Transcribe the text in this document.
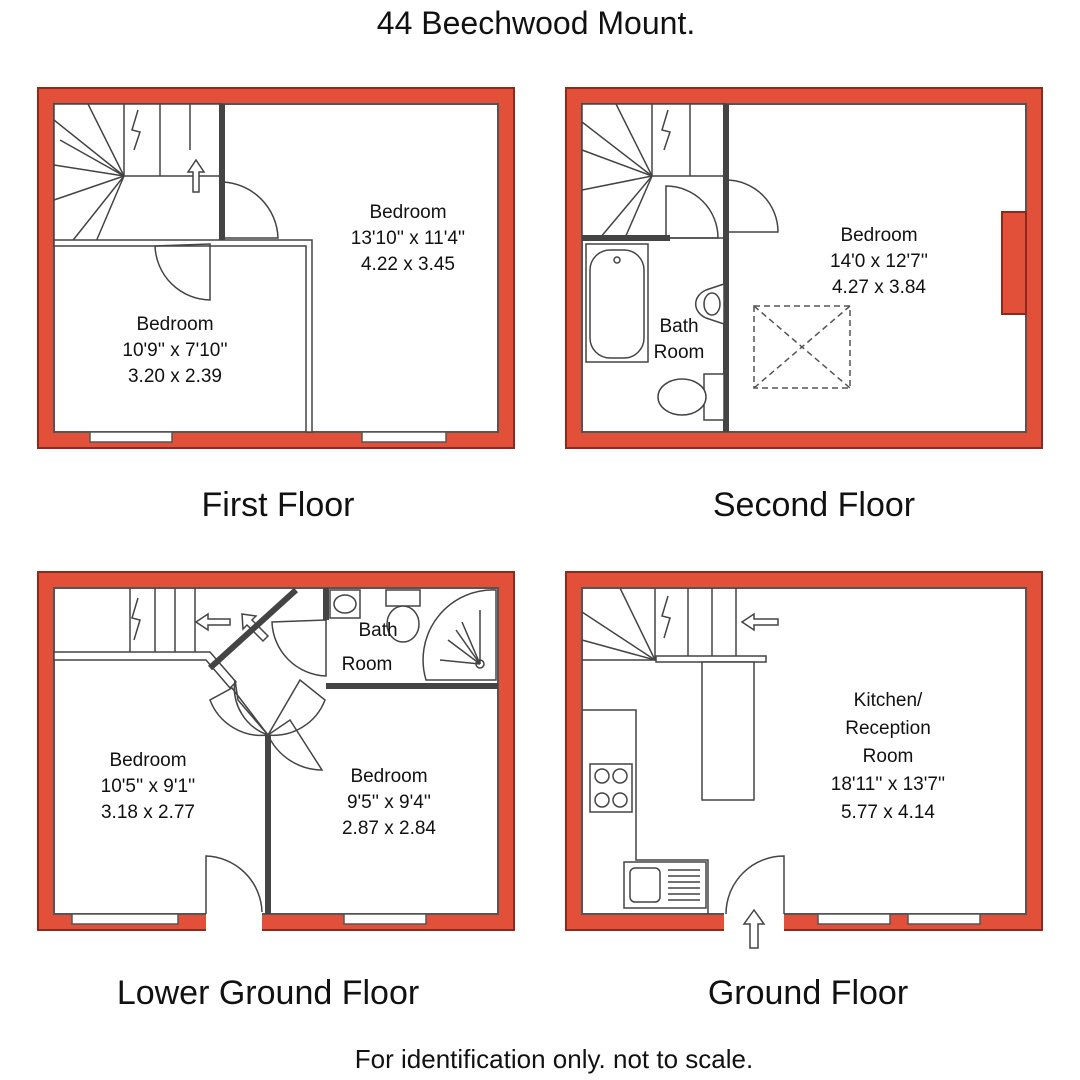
44 Beechwood Mount.
Bedroom
13'10'' x 11'4''
4.22 x 3.45
Bedroom
10'9'' x 7'10''
3.20 x 2.39
First Floor
Bedroom
14'0 x 12'7''
4.27 x 3.84
Bath
Room
Second Floor
Bath
Room
Bedroom
10'5'' x 9'1''
3.18 x 2.77
Bedroom
9'5'' x 9'4''
2.87 x 2.84
Lower Ground Floor
Kitchen/
Reception
Room
18'11'' x 13'7''
5.77 x 4.14
Ground Floor
For identification only. not to scale.
